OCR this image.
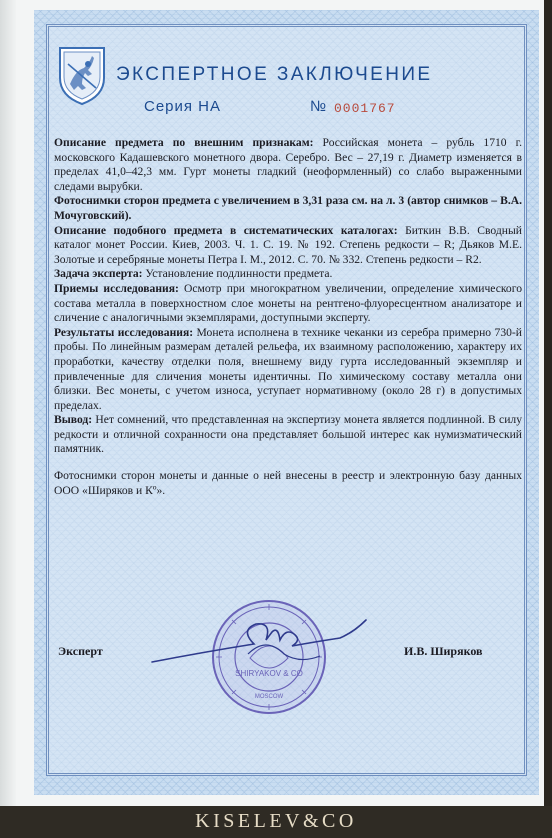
ЭКСПЕРТНОЕ ЗАКЛЮЧЕНИЕ
Серия НА	№ 0001767

Описание предмета по внешним признакам: Российская монета – рубль 1710 г. московского Кадашевского монетного двора. Серебро. Вес – 27,19 г. Диаметр изменяется в пределах 41,0–42,3 мм. Гурт монеты гладкий (неоформленный) со слабо выраженными следами вырубки.

Фотоснимки сторон предмета с увеличением в 3,31 раза см. на л. 3 (автор снимков – В.А. Мочуговский).

Описание подобного предмета в систематических каталогах: Биткин В.В. Сводный каталог монет России. Киев, 2003. Ч. 1. С. 19. № 192. Степень редкости – R; Дьяков М.Е. Золотые и серебряные монеты Петра I. М., 2012. С. 70. № 332. Степень редкости – R2.

Задача эксперта: Установление подлинности предмета.

Приемы исследования: Осмотр при многократном увеличении, определение химического состава металла в поверхностном слое монеты на рентгено-флуоресцентном анализаторе и сличение с аналогичными экземплярами, доступными эксперту.

Результаты исследования: Монета исполнена в технике чеканки из серебра примерно 730-й пробы. По линейным размерам деталей рельефа, их взаимному расположению, характеру их проработки, качеству отделки поля, внешнему виду гурта исследованный экземпляр и привлеченные для сличения монеты идентичны. По химическому составу металла они близки. Вес монеты, с учетом износа, уступает нормативному (около 28 г) в допустимых пределах.

Вывод: Нет сомнений, что представленная на экспертизу монета является подлинной. В силу редкости и отличной сохранности она представляет большой интерес как нумизматический памятник.

Фотоснимки сторон монеты и данные о ней внесены в реестр и электронную базу данных ООО «Ширяков и Кº».

SHIRYAKOV & CO
MOSCOW
Эксперт	И.В. Ширяков
KISELEV&CO
